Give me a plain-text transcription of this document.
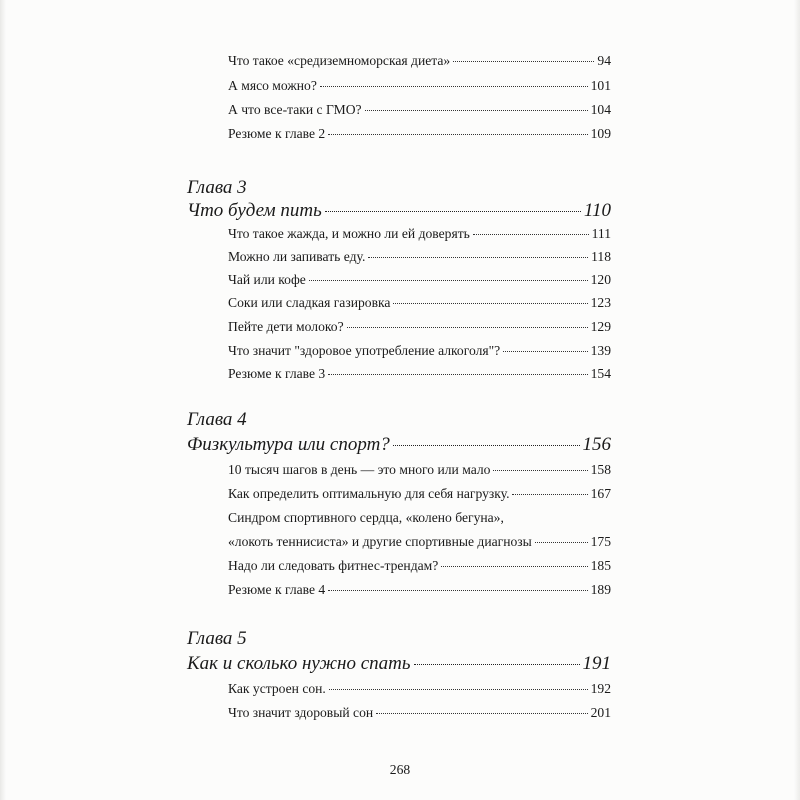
Что такое «средиземноморская диета»	94
А мясо можно?	101
А что все-таки с ГМО?	104
Резюме к главе 2	109
Глава 3
Что будем пить	110
Что такое жажда, и можно ли ей доверять	111
Можно ли запивать еду.	118
Чай или кофе	120
Соки или сладкая газировка	123
Пейте дети молоко?	129
Что значит "здоровое употребление алкоголя"?	139
Резюме к главе 3	154
Глава 4
Физкультура или спорт?	156
10 тысяч шагов в день — это много или мало	158
Как определить оптимальную для себя нагрузку.	167
Синдром спортивного сердца, «колено бегуна»,
«локоть теннисиста» и другие спортивные диагнозы	175
Надо ли следовать фитнес-трендам?	185
Резюме к главе 4	189
Глава 5
Как и сколько нужно спать	191
Как устроен сон.	192
Что значит здоровый сон	201
268
